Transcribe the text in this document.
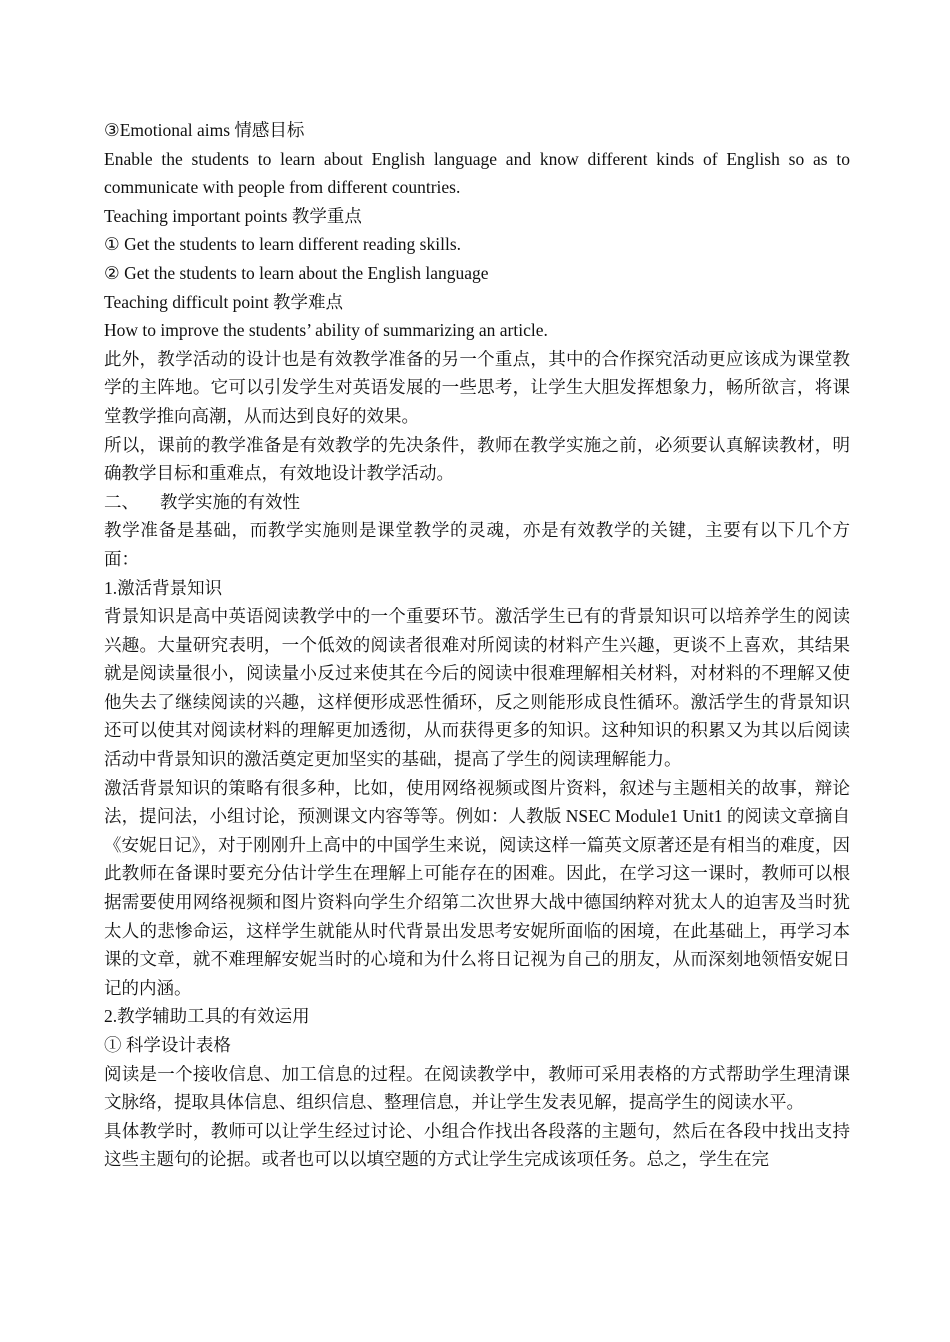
③Emotional aims 情感目标

Enable the students to learn about English language and know different kinds of English so as to communicate with people from different countries.

Teaching important points 教学重点

① Get the students to learn different reading skills.

② Get the students to learn about the English language

Teaching difficult point 教学难点

How to improve the students’ ability of summarizing an article.

此外，教学活动的设计也是有效教学准备的另一个重点，其中的合作探究活动更应该成为课堂教学的主阵地。它可以引发学生对英语发展的一些思考，让学生大胆发挥想象力，畅所欲言，将课堂教学推向高潮，从而达到良好的效果。

所以，课前的教学准备是有效教学的先决条件，教师在教学实施之前，必须要认真解读教材，明确教学目标和重难点，有效地设计教学活动。

二、 教学实施的有效性

教学准备是基础，而教学实施则是课堂教学的灵魂，亦是有效教学的关键，主要有以下几个方面：

1.激活背景知识

背景知识是高中英语阅读教学中的一个重要环节。激活学生已有的背景知识可以培养学生的阅读兴趣。大量研究表明，一个低效的阅读者很难对所阅读的材料产生兴趣，更谈不上喜欢，其结果就是阅读量很小，阅读量小反过来使其在今后的阅读中很难理解相关材料，对材料的不理解又使他失去了继续阅读的兴趣，这样便形成恶性循环，反之则能形成良性循环。激活学生的背景知识还可以使其对阅读材料的理解更加透彻，从而获得更多的知识。这种知识的积累又为其以后阅读活动中背景知识的激活奠定更加坚实的基础，提高了学生的阅读理解能力。

激活背景知识的策略有很多种，比如，使用网络视频或图片资料，叙述与主题相关的故事，辩论法，提问法，小组讨论，预测课文内容等等。例如：人教版 NSEC Module1 Unit1 的阅读文章摘自《安妮日记》，对于刚刚升上高中的中国学生来说，阅读这样一篇英文原著还是有相当的难度，因此教师在备课时要充分估计学生在理解上可能存在的困难。因此，在学习这一课时，教师可以根据需要使用网络视频和图片资料向学生介绍第二次世界大战中德国纳粹对犹太人的迫害及当时犹太人的悲惨命运，这样学生就能从时代背景出发思考安妮所面临的困境，在此基础上，再学习本课的文章，就不难理解安妮当时的心境和为什么将日记视为自己的朋友，从而深刻地领悟安妮日记的内涵。

2.教学辅助工具的有效运用

① 科学设计表格

阅读是一个接收信息、加工信息的过程。在阅读教学中，教师可采用表格的方式帮助学生理清课文脉络，提取具体信息、组织信息、整理信息，并让学生发表见解，提高学生的阅读水平。

具体教学时，教师可以让学生经过讨论、小组合作找出各段落的主题句，然后在各段中找出支持这些主题句的论据。或者也可以以填空题的方式让学生完成该项任务。总之，学生在完
